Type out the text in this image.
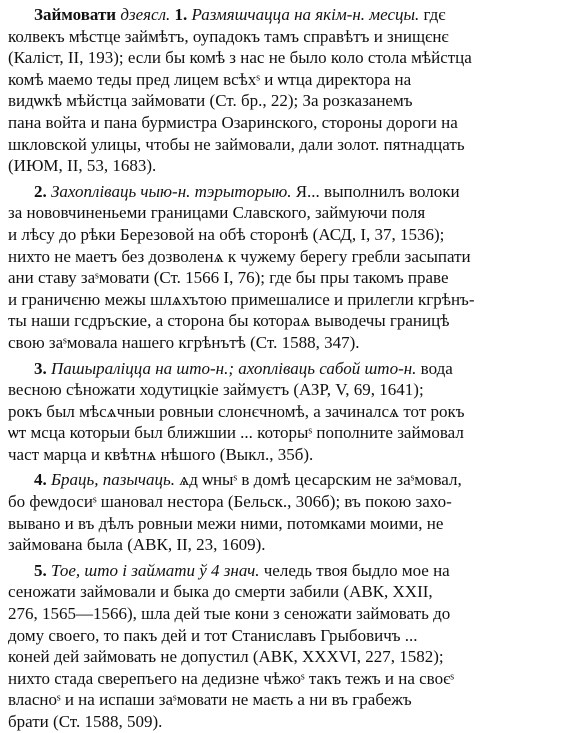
Займовати дзеясл. 1. Размяшчацца на якім-н. месцы. гдє
колвекъ мѣстце займѣтъ, оупадокъ тамъ справѣтъ и знищєнє
(Каліст, II, 193); если бы комѣ з нас не было коло стола мѣйстца
комѣ маемо теды пред лицем всѣхˢ и ѡтца директора на
видѡкѣ мѣйстца займовати (Ст. бр., 22); За розказанемъ
пана войта и пана бурмистра Озаринского, стороны дороги на
шкловской улицы, чтобы не займовали, дали золот. пятнадцать
(ИЮМ, II, 53, 1683).
2. Захопліваць чыю-н. тэрыторыю. Я... выполнилъ волоки
за нововчиненьеми границами Славского, займуючи поля
и лѣсу до рѣки Березовой на обѣ сторонѣ (АСД, I, 37, 1536);
нихто не маетъ без дозволенѧ к чужему берегу гребли засыпати
ани ставу заˢмовати (Ст. 1566 I, 76); где бы пры такомъ праве
и граничєню межы шлѧхътою примешалисе и прилегли кгрѣнъ-
ты наши гсдръские, а сторона бы котораѧ выводечы границѣ
свою заˢмовала нашего кгрѣнътѣ (Ст. 1588, 347).
3. Пашыраліцца на што-н.; ахопліваць сабой што-н. вода
весною сѣножати ходутицкіе займуєтъ (АЗР, V, 69, 1641);
рокъ был мѣсѧчныи ровныи слонєчномѣ, а зачиналсѧ тот рокъ
ѡт мсца которыи был ближшии ... которыˢ пополните займовал
част марца и квѣтнѧ нѣшого (Выкл., 35б).
4. Браць, пазычаць. ѧд ѡныˢ в домѣ цесарским не заˢмовал,
бо феѡдосиˢ шановал нестора (Бельск., 306б); въ покою захо-
вывано и въ дѣлъ ровныи межи ними, потомками моими, не
займована была (АВК, II, 23, 1609).
5. Тое, што і займати ў 4 знач. челедь твоя быдло мое на
сеножати займовали и быка до смерти забили (АВК, XXII,
276, 1565—1566), шла дей тые кони з сеножати займовать до
дому своего, то пакъ дей и тот Станиславъ Грыбовичъ ...
коней дей займовать не допустил (АВК, XXXVI, 227, 1582);
нихто стада сверепъего на дедизне чѣжоˢ такъ тежъ и на своєˢ
власноˢ и на испаши заˢмовати не маєть а ни въ грабежъ
брати (Ст. 1588, 509).
